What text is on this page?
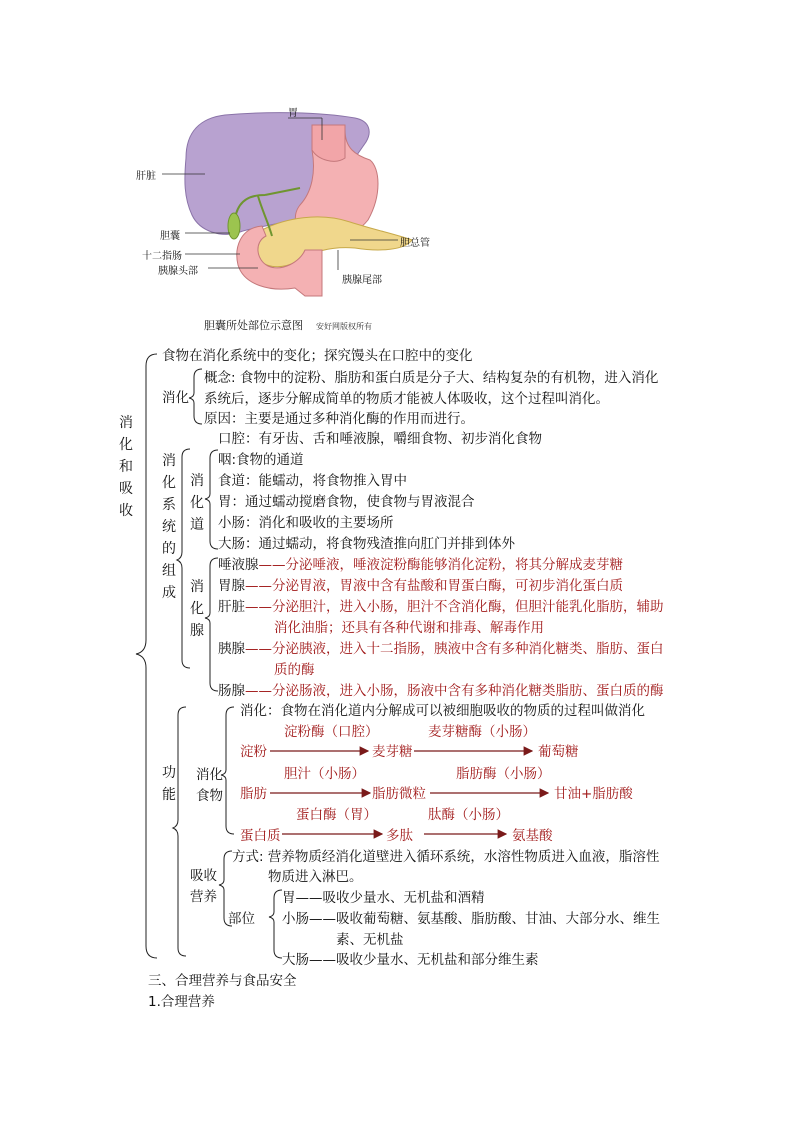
胃
肝脏
胆囊
十二指肠
胰腺头部
胆总管
胰腺尾部
胆囊所处部位示意图 安好网版权所有
消化和吸收
食物在消化系统中的变化；探究馒头在口腔中的变化
消化
概念: 食物中的淀粉、脂肪和蛋白质是分子大、结构复杂的有机物，进入消化
系统后，逐步分解成简单的物质才能被人体吸收，这个过程叫消化。
原因：主要是通过多种消化酶的作用而进行。
口腔：有牙齿、舌和唾液腺，嚼细食物、初步消化食物
消化系统的组成
消化道
咽:食物的通道
食道：能蠕动，将食物推入胃中
胃：通过蠕动搅磨食物，使食物与胃液混合
小肠：消化和吸收的主要场所
大肠：通过蠕动，将食物残渣推向肛门并排到体外
消化腺
唾液腺——分泌唾液，唾液淀粉酶能够消化淀粉，将其分解成麦芽糖
胃腺——分泌胃液，胃液中含有盐酸和胃蛋白酶，可初步消化蛋白质
肝脏——分泌胆汁，进入小肠，胆汁不含消化酶，但胆汁能乳化脂肪，辅助
消化油脂；还具有各种代谢和排毒、解毒作用
胰腺——分泌胰液，进入十二指肠，胰液中含有多种消化糖类、脂肪、蛋白
质的酶
肠腺——分泌肠液，进入小肠，肠液中含有多种消化糖类脂肪、蛋白质的酶
功能
消化食物
消化：食物在消化道内分解成可以被细胞吸收的物质的过程叫做消化
淀粉酶（口腔）	麦芽糖酶（小肠）
淀粉	麦芽糖	葡萄糖
胆汁（小肠）	脂肪酶（小肠）
脂肪	脂肪微粒	甘油+脂肪酸
蛋白酶（胃）	肽酶（小肠）
蛋白质	多肽	氨基酸
吸收营养
方式: 营养物质经消化道壁进入循环系统，水溶性物质进入血液，脂溶性
物质进入淋巴。
部位
胃——吸收少量水、无机盐和酒精
小肠——吸收葡萄糖、氨基酸、脂肪酸、甘油、大部分水、维生
素、无机盐
大肠——吸收少量水、无机盐和部分维生素
三、合理营养与食品安全
1.合理营养
